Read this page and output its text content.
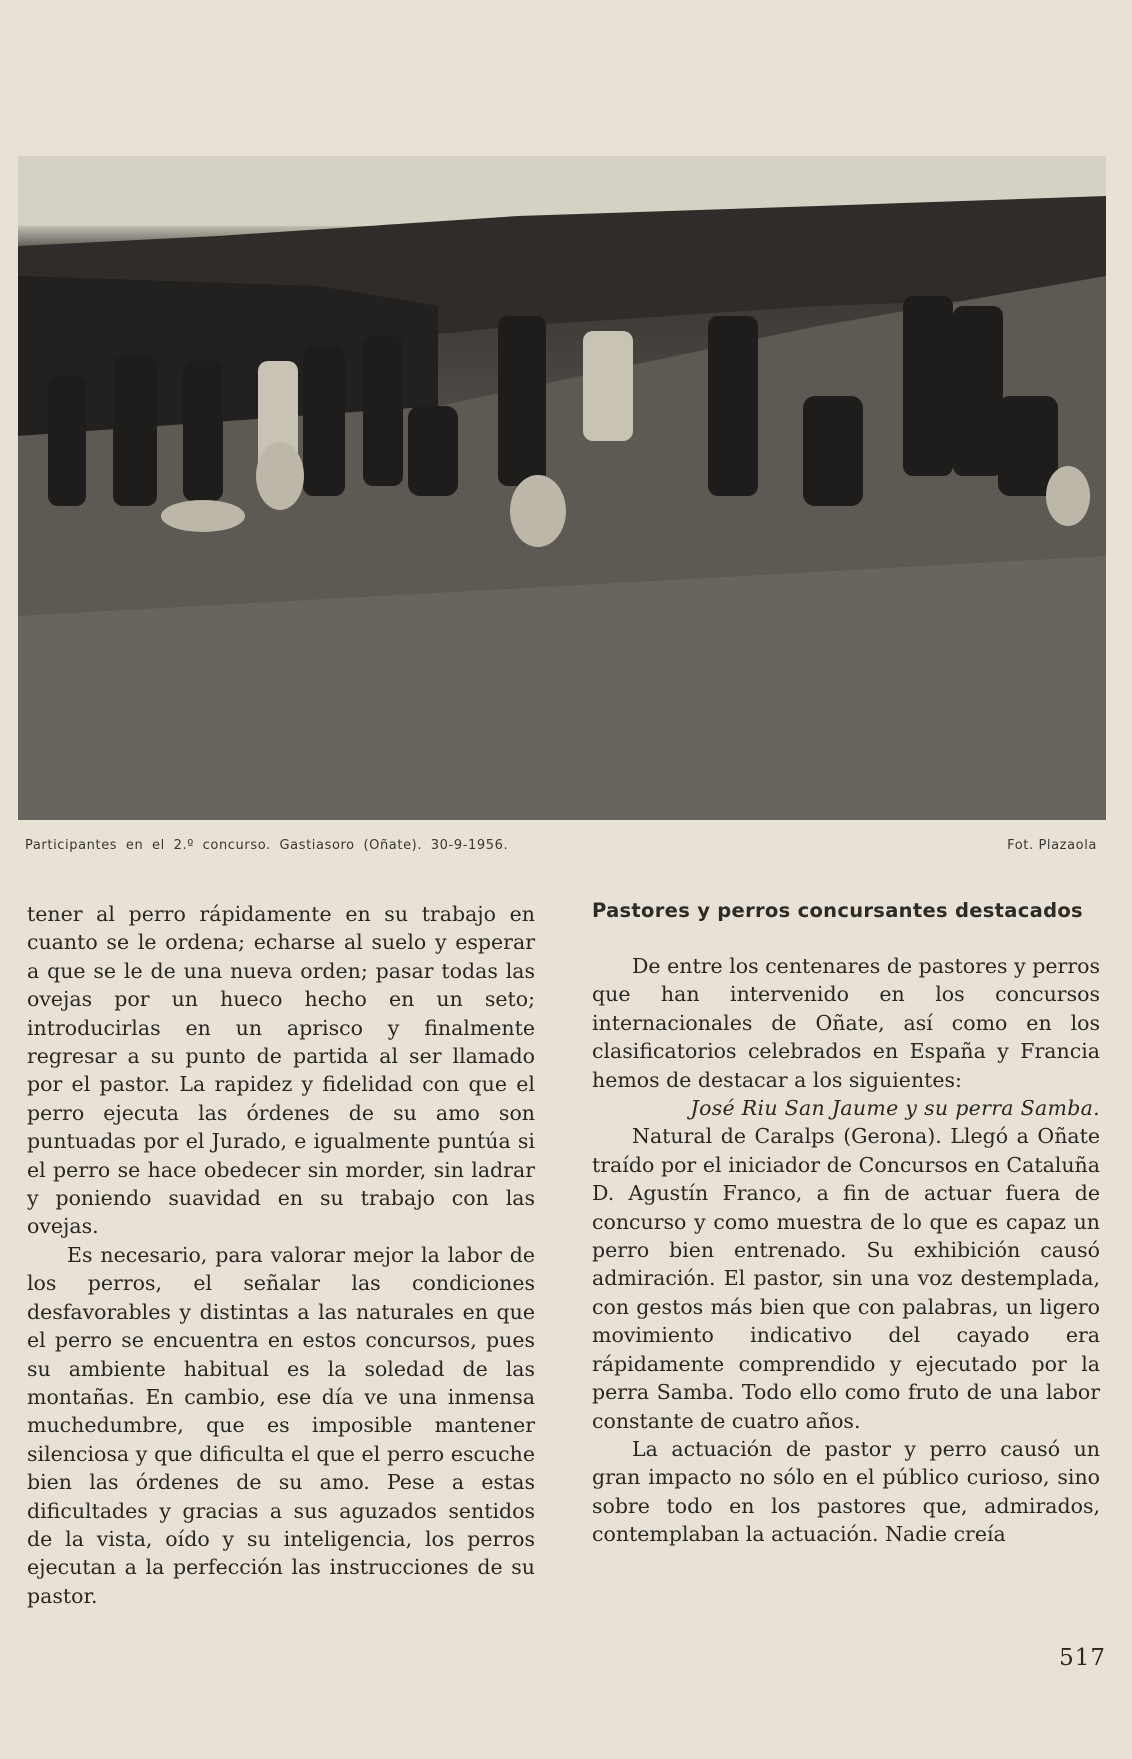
Participantes en el 2.º concurso. Gastiasoro (Oñate). 30-9-1956.	Fot. Plazaola

tener al perro rápidamente en su trabajo en cuanto se le ordena; echarse al suelo y esperar a que se le de una nueva orden; pasar todas las ovejas por un hueco hecho en un seto; introducirlas en un aprisco y finalmente regresar a su punto de partida al ser llamado por el pastor. La rapidez y fidelidad con que el perro ejecuta las órdenes de su amo son puntuadas por el Jurado, e igualmente puntúa si el perro se hace obedecer sin morder, sin ladrar y poniendo suavidad en su trabajo con las ovejas.

Es necesario, para valorar mejor la labor de los perros, el señalar las condiciones desfavorables y distintas a las naturales en que el perro se encuentra en estos concursos, pues su ambiente habitual es la soledad de las montañas. En cambio, ese día ve una inmensa muchedumbre, que es imposible mantener silenciosa y que dificulta el que el perro escuche bien las órdenes de su amo. Pese a estas dificultades y gracias a sus aguzados sentidos de la vista, oído y su inteligencia, los perros ejecutan a la perfección las instrucciones de su pastor.

Pastores y perros concursantes destacados

De entre los centenares de pastores y perros que han intervenido en los concursos internacionales de Oñate, así como en los clasificatorios celebrados en España y Francia hemos de destacar a los siguientes:

José Riu San Jaume y su perra Samba.

Natural de Caralps (Gerona). Llegó a Oñate traído por el iniciador de Concursos en Cataluña D. Agustín Franco, a fin de actuar fuera de concurso y como muestra de lo que es capaz un perro bien entrenado. Su exhibición causó admiración. El pastor, sin una voz destemplada, con gestos más bien que con palabras, un ligero movimiento indicativo del cayado era rápidamente comprendido y ejecutado por la perra Samba. Todo ello como fruto de una labor constante de cuatro años.

La actuación de pastor y perro causó un gran impacto no sólo en el público curioso, sino sobre todo en los pastores que, admirados, contemplaban la actuación. Nadie creía

517
